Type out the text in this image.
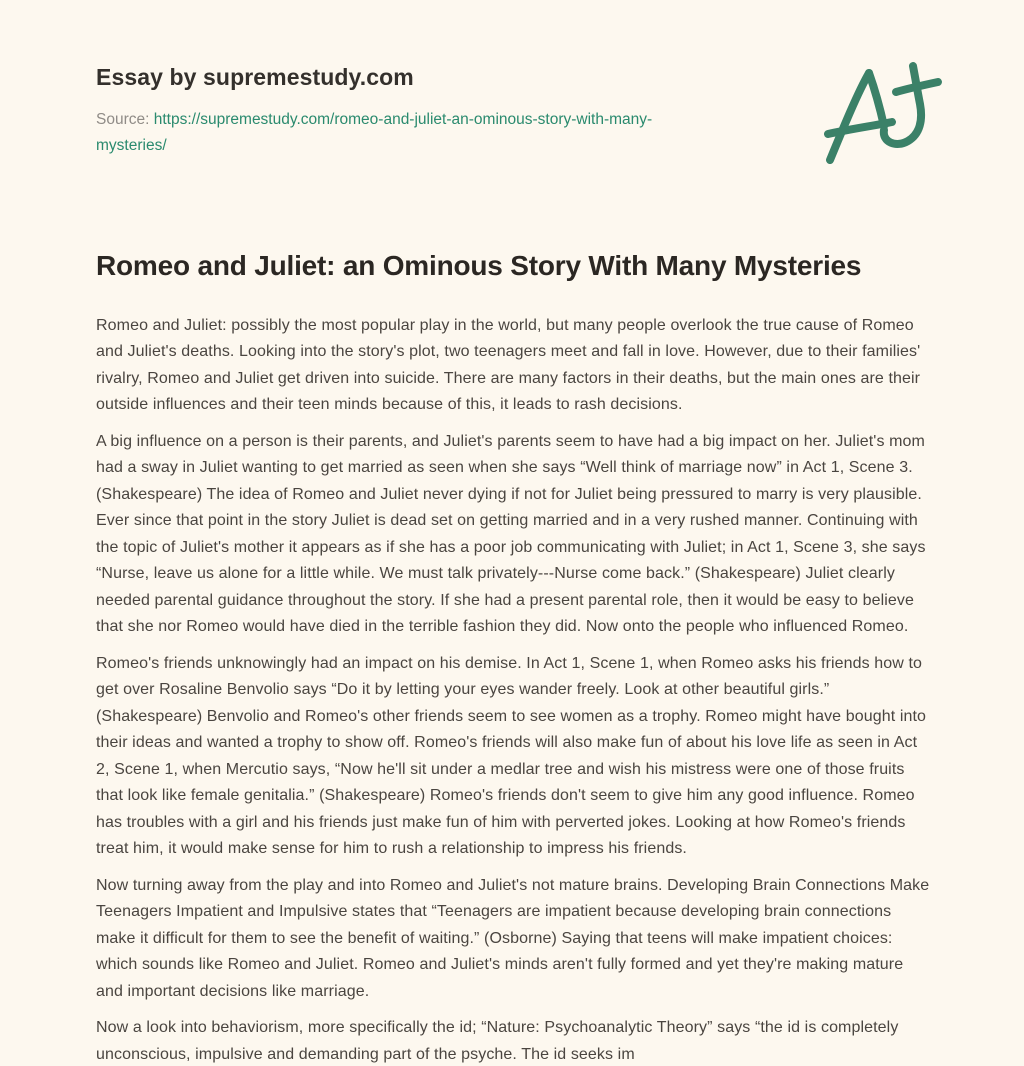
Essay by supremestudy.com
Source: https://supremestudy.com/romeo-and-juliet-an-ominous-story-with-many-mysteries/
Romeo and Juliet: an Ominous Story With Many Mysteries

Romeo and Juliet: possibly the most popular play in the world, but many people overlook the true cause of Romeo and Juliet's deaths. Looking into the story's plot, two teenagers meet and fall in love. However, due to their families' rivalry, Romeo and Juliet get driven into suicide. There are many factors in their deaths, but the main ones are their outside influences and their teen minds because of this, it leads to rash decisions.

A big influence on a person is their parents, and Juliet's parents seem to have had a big impact on her. Juliet's mom had a sway in Juliet wanting to get married as seen when she says “Well think of marriage now” in Act 1, Scene 3. (Shakespeare) The idea of Romeo and Juliet never dying if not for Juliet being pressured to marry is very plausible. Ever since that point in the story Juliet is dead set on getting married and in a very rushed manner. Continuing with the topic of Juliet's mother it appears as if she has a poor job communicating with Juliet; in Act 1, Scene 3, she says “Nurse, leave us alone for a little while. We must talk privately---Nurse come back.” (Shakespeare) Juliet clearly needed parental guidance throughout the story. If she had a present parental role, then it would be easy to believe that she nor Romeo would have died in the terrible fashion they did. Now onto the people who influenced Romeo.

Romeo's friends unknowingly had an impact on his demise. In Act 1, Scene 1, when Romeo asks his friends how to get over Rosaline Benvolio says “Do it by letting your eyes wander freely. Look at other beautiful girls.” (Shakespeare) Benvolio and Romeo's other friends seem to see women as a trophy. Romeo might have bought into their ideas and wanted a trophy to show off. Romeo's friends will also make fun of about his love life as seen in Act 2, Scene 1, when Mercutio says, “Now he'll sit under a medlar tree and wish his mistress were one of those fruits that look like female genitalia.” (Shakespeare) Romeo's friends don't seem to give him any good influence. Romeo has troubles with a girl and his friends just make fun of him with perverted jokes. Looking at how Romeo's friends treat him, it would make sense for him to rush a relationship to impress his friends.

Now turning away from the play and into Romeo and Juliet's not mature brains. Developing Brain Connections Make Teenagers Impatient and Impulsive states that “Teenagers are impatient because developing brain connections make it difficult for them to see the benefit of waiting.” (Osborne) Saying that teens will make impatient choices: which sounds like Romeo and Juliet. Romeo and Juliet's minds aren't fully formed and yet they're making mature and important decisions like marriage.

Now a look into behaviorism, more specifically the id; “Nature: Psychoanalytic Theory” says “the id is completely unconscious, impulsive and demanding part of the psyche. The id seeks im
